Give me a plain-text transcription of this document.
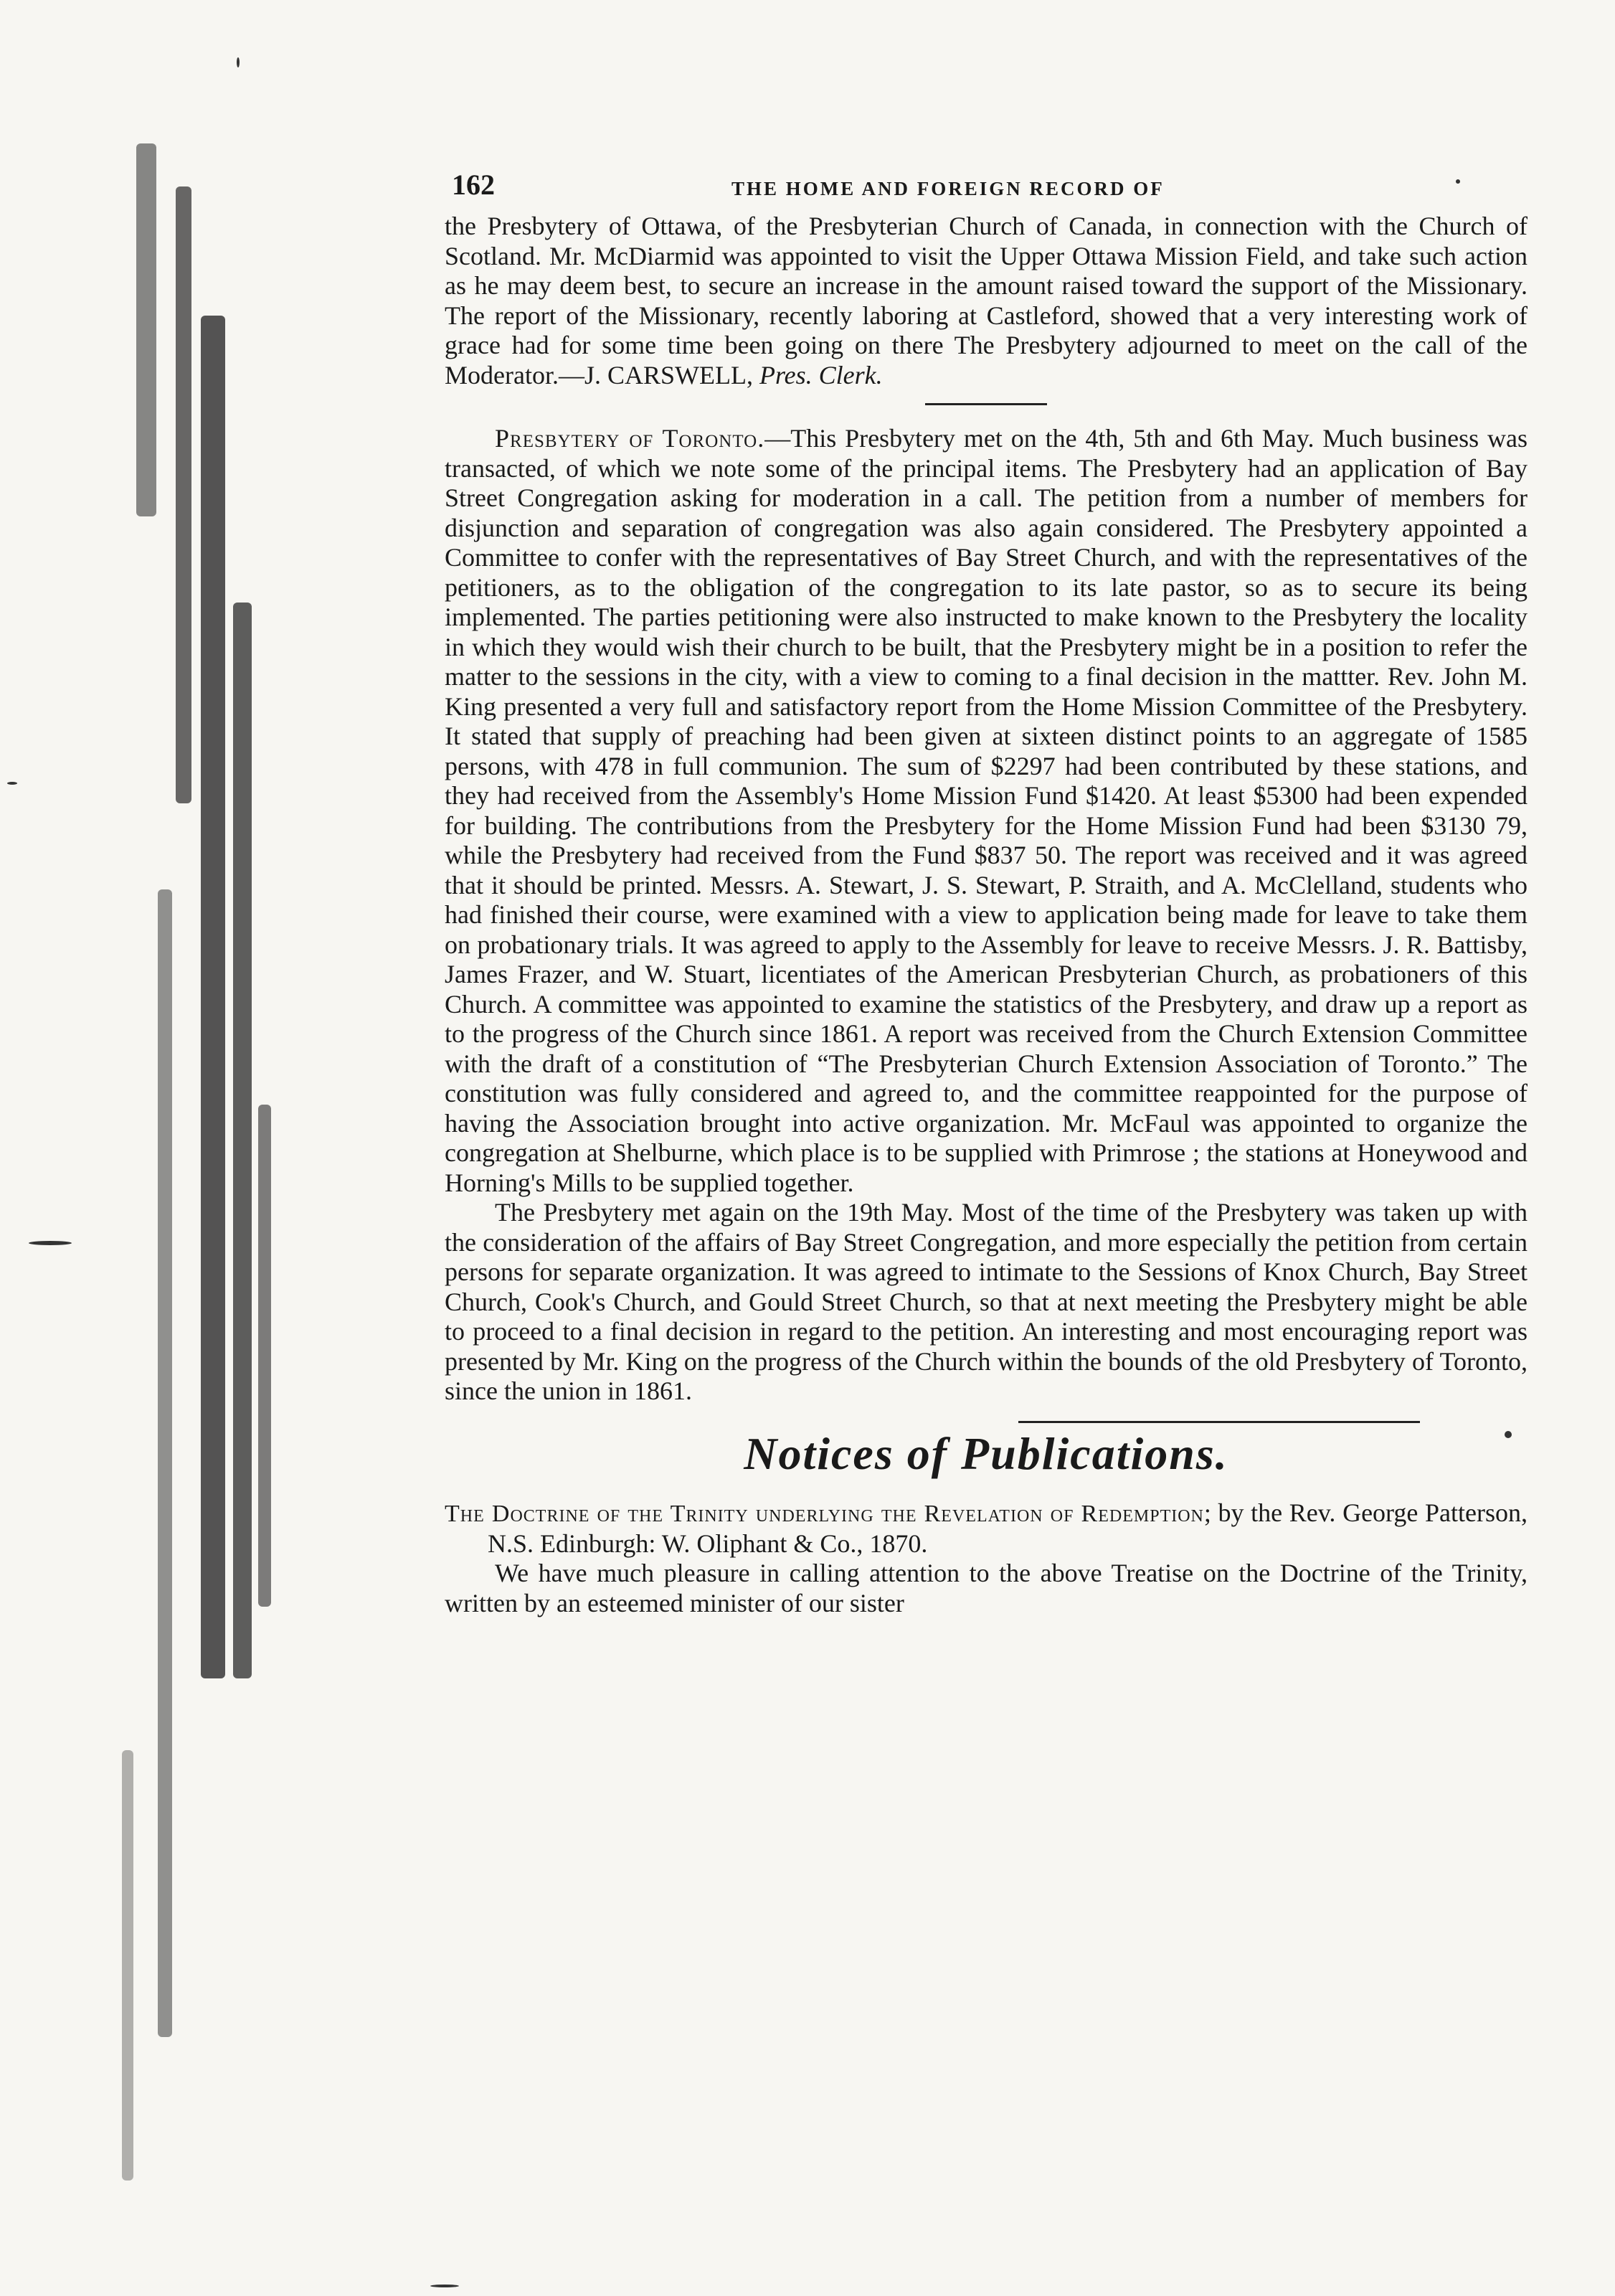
162	THE HOME AND FOREIGN RECORD OF

the Presbytery of Ottawa, of the Presbyterian Church of Canada, in connection with the Church of Scotland. Mr. McDiarmid was appointed to visit the Upper Ottawa Mission Field, and take such action as he may deem best, to secure an increase in the amount raised toward the support of the Missionary. The report of the Missionary, recently laboring at Castleford, showed that a very interesting work of grace had for some time been going on there The Presbytery adjourned to meet on the call of the Moderator.—J. CARSWELL, Pres. Clerk.

Presbytery of Toronto.—This Presbytery met on the 4th, 5th and 6th May. Much business was transacted, of which we note some of the principal items. The Presbytery had an application of Bay Street Congregation asking for moderation in a call. The petition from a number of members for disjunction and separation of congregation was also again considered. The Presbytery appointed a Committee to confer with the representatives of Bay Street Church, and with the representatives of the petitioners, as to the obligation of the congregation to its late pastor, so as to secure its being implemented. The parties petitioning were also instructed to make known to the Presbytery the locality in which they would wish their church to be built, that the Presbytery might be in a position to refer the matter to the sessions in the city, with a view to coming to a final decision in the mattter. Rev. John M. King presented a very full and satisfactory report from the Home Mission Committee of the Presbytery. It stated that supply of preaching had been given at sixteen distinct points to an aggregate of 1585 persons, with 478 in full communion. The sum of $2297 had been contributed by these stations, and they had received from the Assembly's Home Mission Fund $1420. At least $5300 had been expended for building. The contributions from the Presbytery for the Home Mission Fund had been $3130 79, while the Presbytery had received from the Fund $837 50. The report was received and it was agreed that it should be printed. Messrs. A. Stewart, J. S. Stewart, P. Straith, and A. McClelland, students who had finished their course, were examined with a view to application being made for leave to take them on probationary trials. It was agreed to apply to the Assembly for leave to receive Messrs. J. R. Battisby, James Frazer, and W. Stuart, licentiates of the American Presbyterian Church, as probationers of this Church. A committee was appointed to examine the statistics of the Presbytery, and draw up a report as to the progress of the Church since 1861. A report was received from the Church Extension Committee with the draft of a constitution of “The Presbyterian Church Extension Association of Toronto.” The constitution was fully considered and agreed to, and the committee reappointed for the purpose of having the Association brought into active organization. Mr. McFaul was appointed to organize the congregation at Shelburne, which place is to be supplied with Primrose ; the stations at Honeywood and Horning's Mills to be supplied together.

The Presbytery met again on the 19th May. Most of the time of the Presbytery was taken up with the consideration of the affairs of Bay Street Congregation, and more especially the petition from certain persons for separate organization. It was agreed to intimate to the Sessions of Knox Church, Bay Street Church, Cook's Church, and Gould Street Church, so that at next meeting the Presbytery might be able to proceed to a final decision in regard to the petition. An interesting and most encouraging report was presented by Mr. King on the progress of the Church within the bounds of the old Presbytery of Toronto, since the union in 1861.

Notices of Publications.

The Doctrine of the Trinity underlying the Revelation of Redemption; by the Rev. George Patterson, N.S. Edinburgh: W. Oliphant & Co., 1870.

We have much pleasure in calling attention to the above Treatise on the Doctrine of the Trinity, written by an esteemed minister of our sister
